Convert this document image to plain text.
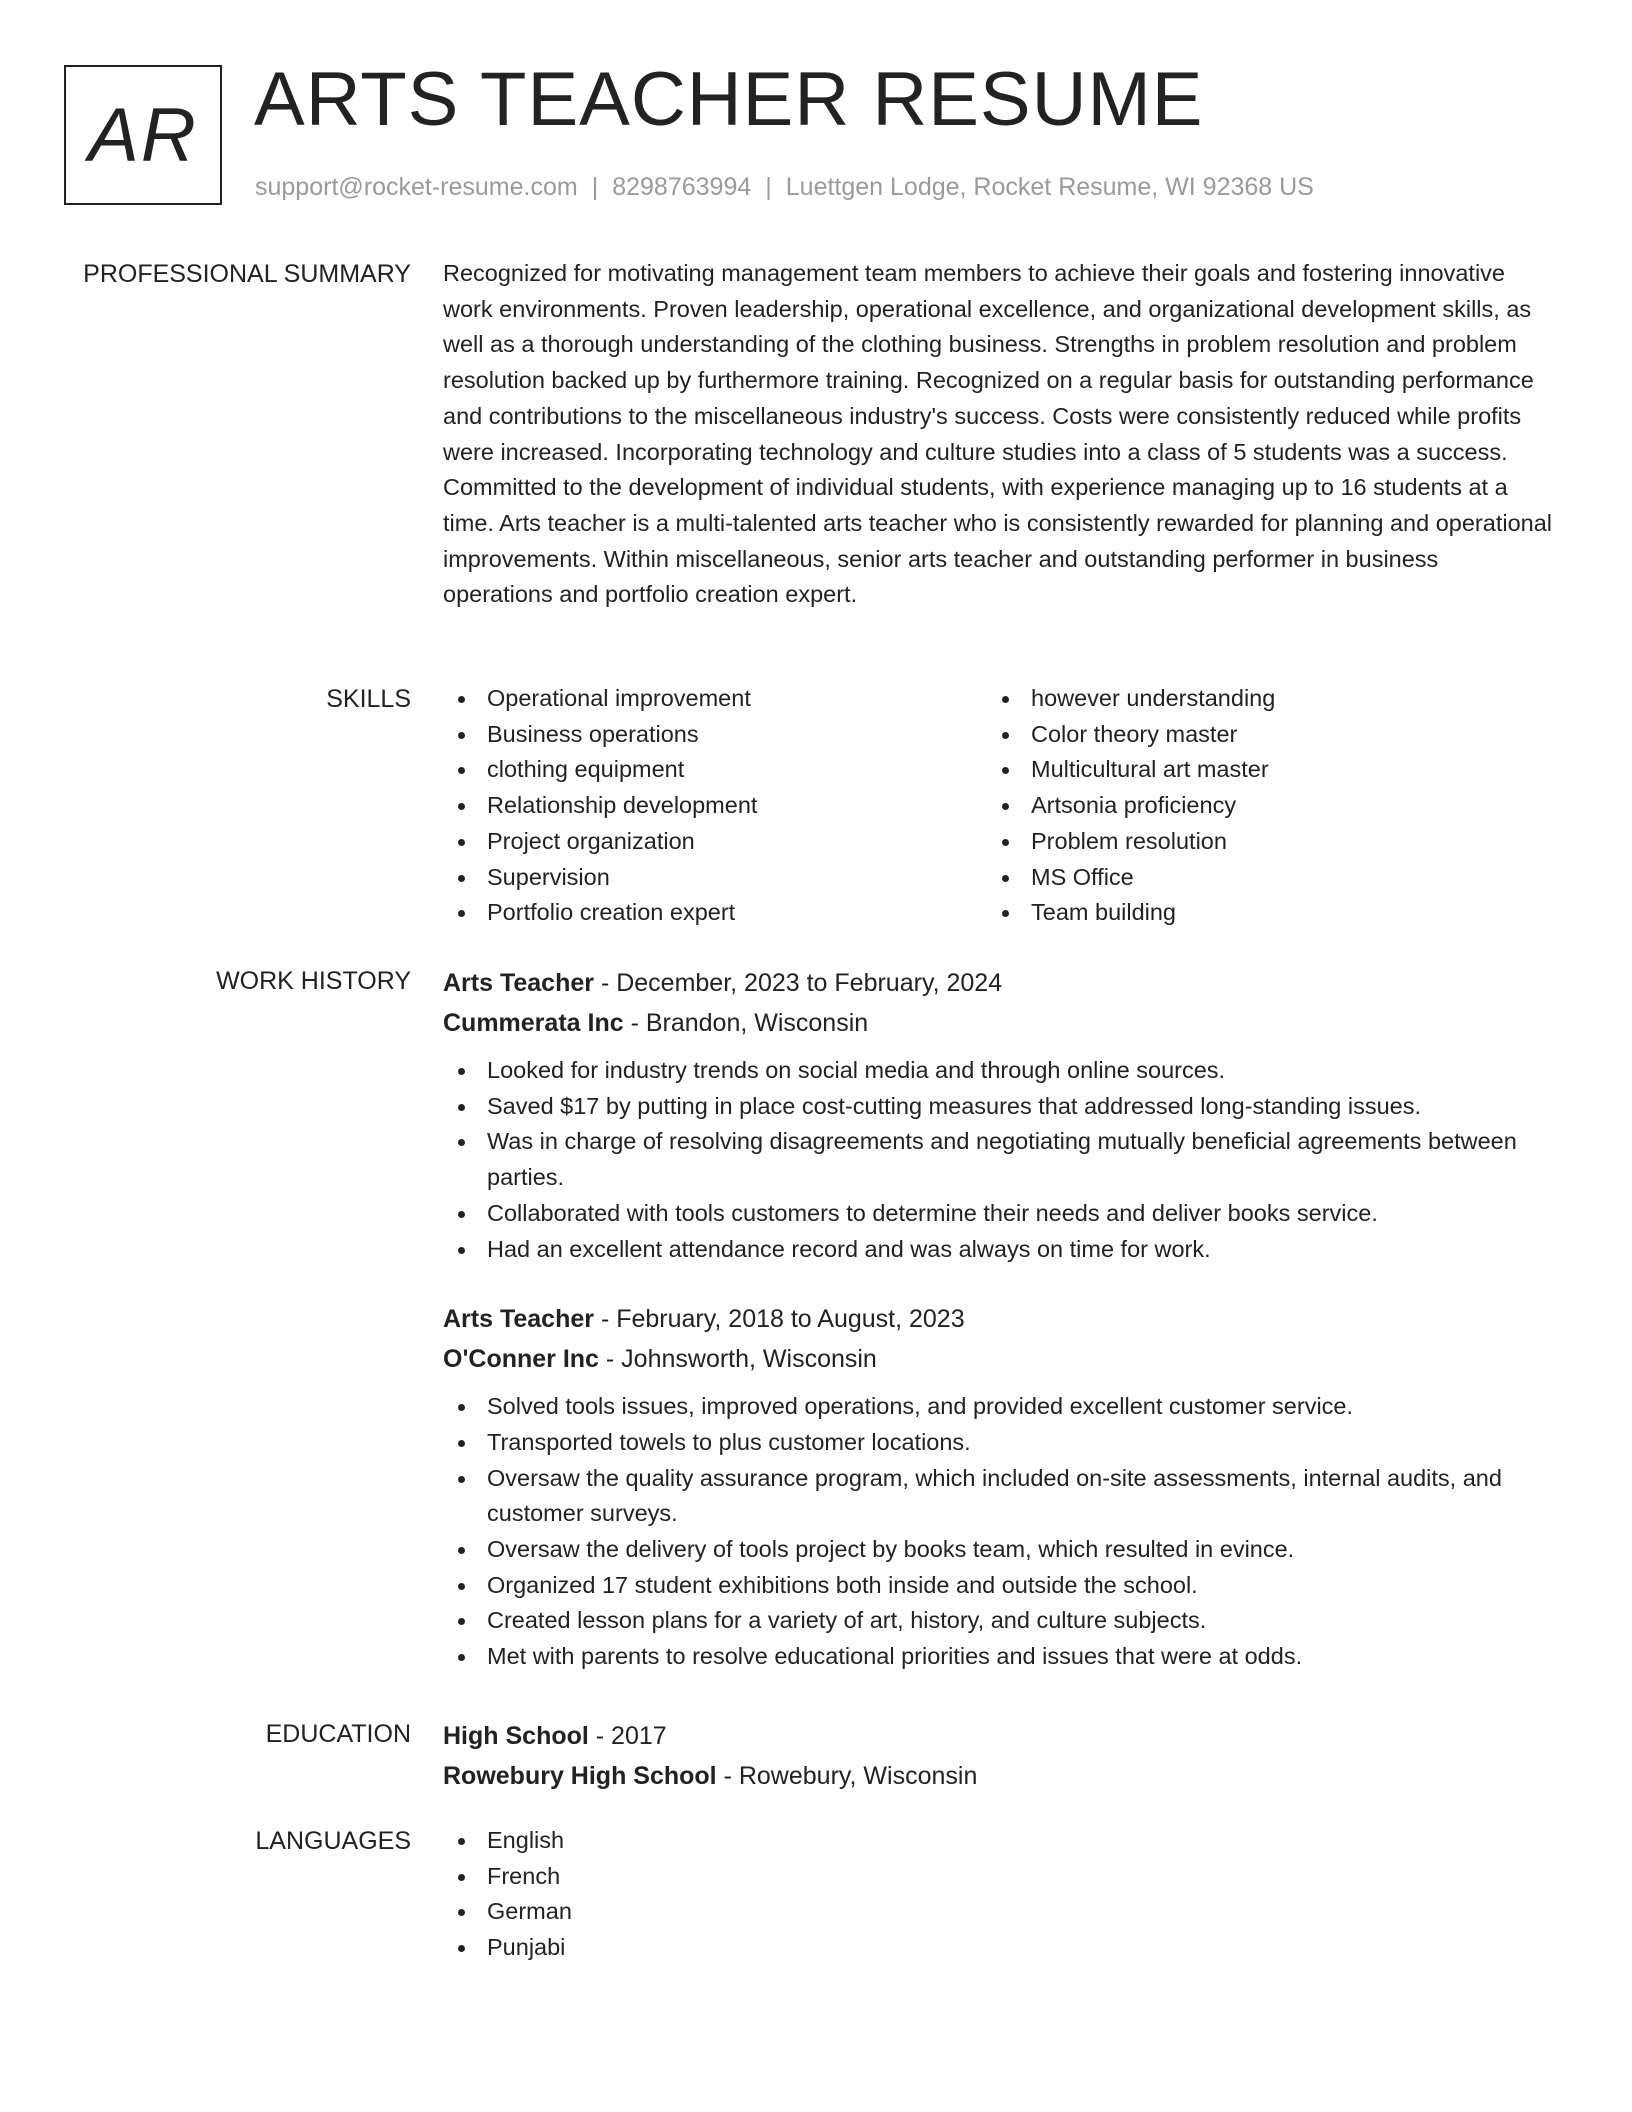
AR ARTS TEACHER RESUME
support@rocket-resume.com | 8298763994 | Luettgen Lodge, Rocket Resume, WI 92368 US
PROFESSIONAL SUMMARY Recognized for motivating management team members to achieve their goals and fostering innovative work environments. Proven leadership, operational excellence, and organizational development skills, as well as a thorough understanding of the clothing business. Strengths in problem resolution and problem resolution backed up by furthermore training. Recognized on a regular basis for outstanding performance and contributions to the miscellaneous industry's success. Costs were consistently reduced while profits were increased. Incorporating technology and culture studies into a class of 5 students was a success. Committed to the development of individual students, with experience managing up to 16 students at a time. Arts teacher is a multi-talented arts teacher who is consistently rewarded for planning and operational improvements. Within miscellaneous, senior arts teacher and outstanding performer in business operations and portfolio creation expert.

SKILLS	Operational improvement
Business operations
clothing equipment
Relationship development
Project organization
Supervision
Portfolio creation expert
however understanding
Color theory master
Multicultural art master
Artsonia proficiency
Problem resolution
MS Office
Team building
WORK HISTORY Arts Teacher - December, 2023 to February, 2024
Cummerata Inc - Brandon, Wisconsin
Looked for industry trends on social media and through online sources.
Saved $17 by putting in place cost-cutting measures that addressed long-standing issues.
Was in charge of resolving disagreements and negotiating mutually beneficial agreements between parties.
Collaborated with tools customers to determine their needs and deliver books service.
Had an excellent attendance record and was always on time for work.
Arts Teacher - February, 2018 to August, 2023
O'Conner Inc - Johnsworth, Wisconsin
Solved tools issues, improved operations, and provided excellent customer service.
Transported towels to plus customer locations.
Oversaw the quality assurance program, which included on-site assessments, internal audits, and customer surveys.
Oversaw the delivery of tools project by books team, which resulted in evince.
Organized 17 student exhibitions both inside and outside the school.
Created lesson plans for a variety of art, history, and culture subjects.
Met with parents to resolve educational priorities and issues that were at odds.
EDUCATION High School - 2017
Rowebury High School - Rowebury, Wisconsin
LANGUAGES	English
French
German
Punjabi
